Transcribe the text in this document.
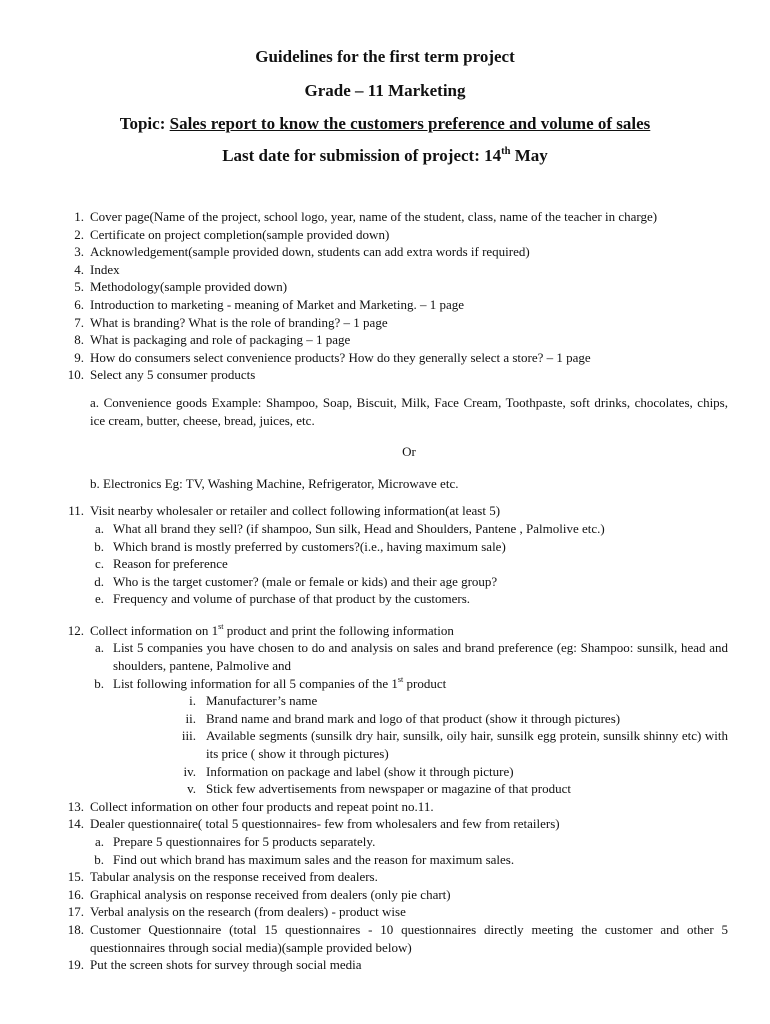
Guidelines for the first term project
Grade – 11 Marketing
Topic: Sales report to know the customers preference and volume of sales
Last date for submission of project: 14th May
1. Cover page(Name of the project, school logo, year, name of the student, class, name of the teacher in charge)
2. Certificate on project completion(sample provided down)
3. Acknowledgement(sample provided down, students can add extra words if required)
4. Index
5. Methodology(sample provided down)
6. Introduction to marketing - meaning of Market and Marketing. – 1 page
7. What is branding? What is the role of branding? – 1 page
8. What is packaging and role of packaging – 1 page
9. How do consumers select convenience products? How do they generally select a store? – 1 page
10. Select any 5 consumer products
a. Convenience goods Example: Shampoo, Soap, Biscuit, Milk, Face Cream, Toothpaste, soft drinks, chocolates, chips, ice cream, butter, cheese, bread, juices, etc.
Or
b. Electronics Eg: TV, Washing Machine, Refrigerator, Microwave etc.
11. Visit nearby wholesaler or retailer and collect following information(at least 5)
a. What all brand they sell? (if shampoo, Sun silk, Head and Shoulders, Pantene , Palmolive etc.)
b. Which brand is mostly preferred by customers?(i.e., having maximum sale)
c. Reason for preference
d. Who is the target customer? (male or female or kids) and their age group?
e. Frequency and volume of purchase of that product by the customers.
12. Collect information on 1st product and print the following information
a. List 5 companies you have chosen to do and analysis on sales and brand preference (eg: Shampoo: sunsilk, head and shoulders, pantene, Palmolive and
b. List following information for all 5 companies of the 1st product
i. Manufacturer’s name
ii. Brand name and brand mark and logo of that product (show it through pictures)
iii. Available segments (sunsilk dry hair, sunsilk, oily hair, sunsilk egg protein, sunsilk shinny etc) with its price ( show it through pictures)
iv. Information on package and label (show it through picture)
v. Stick few advertisements from newspaper or magazine of that product
13. Collect information on other four products and repeat point no.11.
14. Dealer questionnaire( total 5 questionnaires- few from wholesalers and few from retailers)
a. Prepare 5 questionnaires for 5 products separately.
b. Find out which brand has maximum sales and the reason for maximum sales.
15. Tabular analysis on the response received from dealers.
16. Graphical analysis on response received from dealers (only pie chart)
17. Verbal analysis on the research (from dealers) - product wise
18. Customer Questionnaire (total 15 questionnaires - 10 questionnaires directly meeting the customer and other 5 questionnaires through social media)(sample provided below)
19. Put the screen shots for survey through social media
